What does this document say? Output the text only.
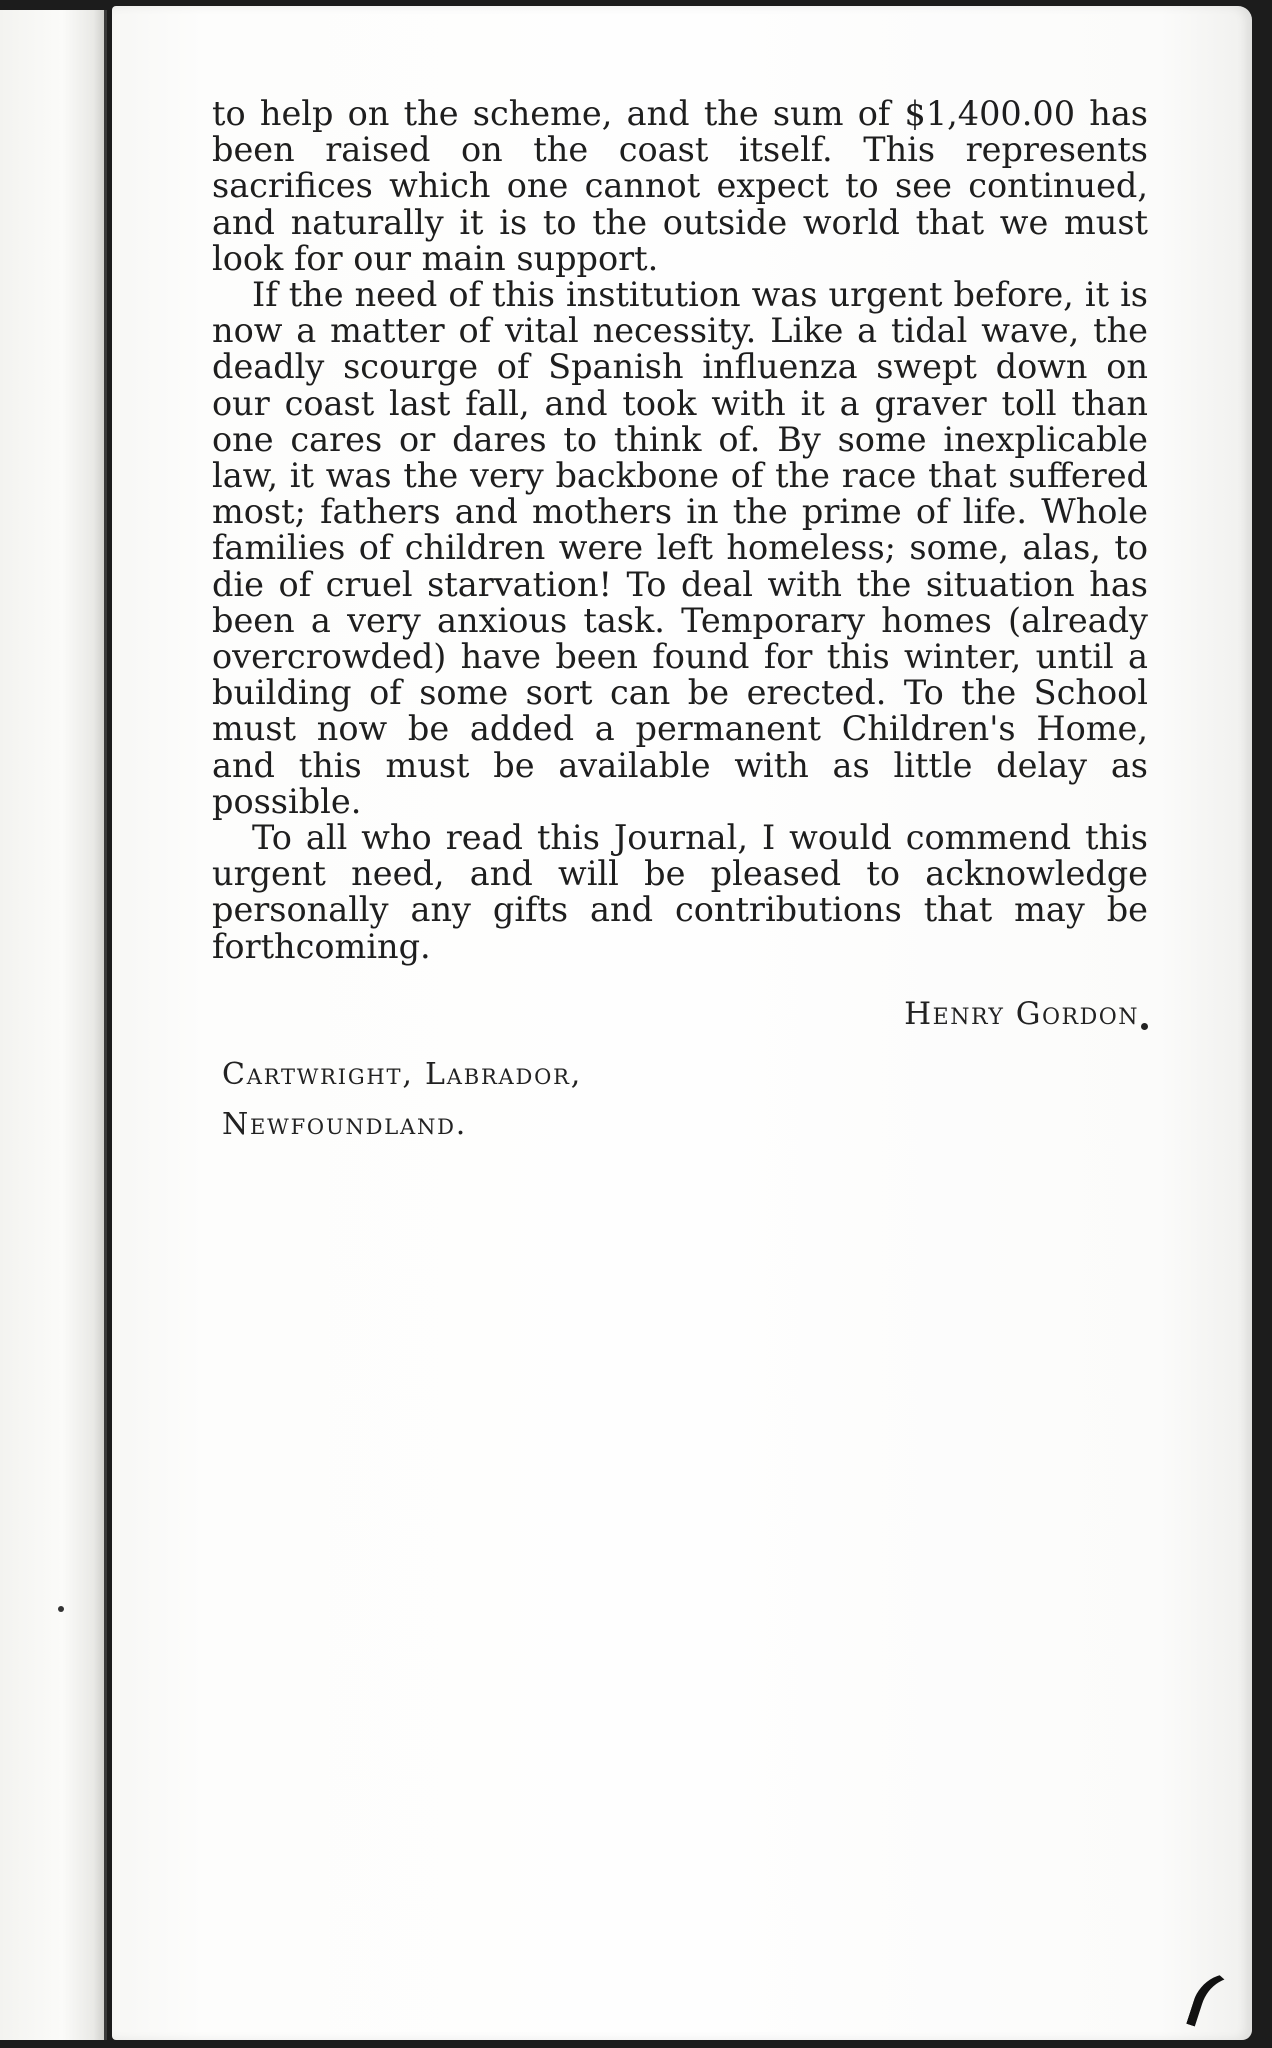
to help on the scheme, and the sum of $1,400.00 has been raised on the coast itself. This represents sacrifices which one cannot expect to see continued, and naturally it is to the outside world that we must look for our main support.

If the need of this institution was urgent before, it is now a matter of vital necessity. Like a tidal wave, the deadly scourge of Spanish influenza swept down on our coast last fall, and took with it a graver toll than one cares or dares to think of. By some inexplicable law, it was the very backbone of the race that suffered most; fathers and mothers in the prime of life. Whole families of children were left homeless; some, alas, to die of cruel starvation! To deal with the situation has been a very anxious task. Temporary homes (already overcrowded) have been found for this winter, until a building of some sort can be erected. To the School must now be added a permanent Children's Home, and this must be available with as little delay as possible.

To all who read this Journal, I would commend this urgent need, and will be pleased to acknowledge personally any gifts and contributions that may be forthcoming.

Henry Gordon
Cartwright, Labrador,
Newfoundland.
